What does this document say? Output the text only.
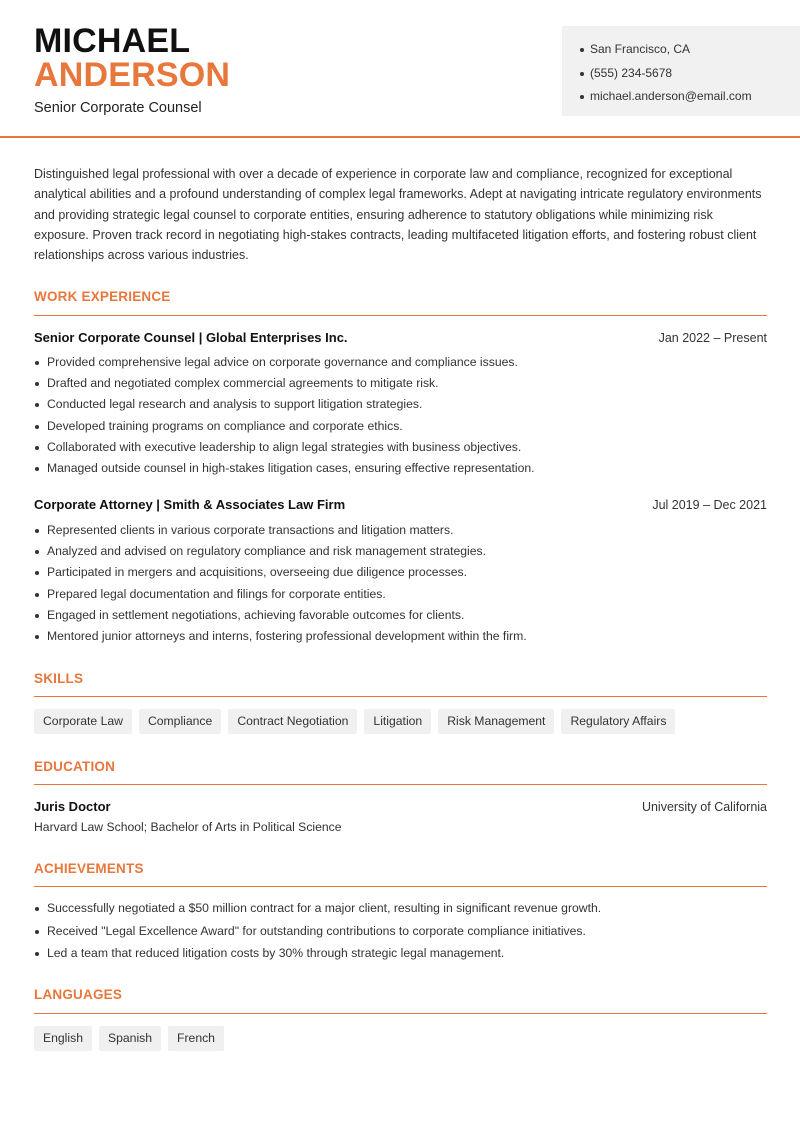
MICHAEL
ANDERSON
Senior Corporate Counsel
San Francisco, CA
(555) 234-5678
michael.anderson@email.com

Distinguished legal professional with over a decade of experience in corporate law and compliance, recognized for exceptional analytical abilities and a profound understanding of complex legal frameworks. Adept at navigating intricate regulatory environments and providing strategic legal counsel to corporate entities, ensuring adherence to statutory obligations while minimizing risk exposure. Proven track record in negotiating high-stakes contracts, leading multifaceted litigation efforts, and fostering robust client relationships across various industries.

WORK EXPERIENCE
Senior Corporate Counsel | Global Enterprises Inc.	Jan 2022 – Present
Provided comprehensive legal advice on corporate governance and compliance issues.
Drafted and negotiated complex commercial agreements to mitigate risk.
Conducted legal research and analysis to support litigation strategies.
Developed training programs on compliance and corporate ethics.
Collaborated with executive leadership to align legal strategies with business objectives.
Managed outside counsel in high-stakes litigation cases, ensuring effective representation.
Corporate Attorney | Smith & Associates Law Firm	Jul 2019 – Dec 2021
Represented clients in various corporate transactions and litigation matters.
Analyzed and advised on regulatory compliance and risk management strategies.
Participated in mergers and acquisitions, overseeing due diligence processes.
Prepared legal documentation and filings for corporate entities.
Engaged in settlement negotiations, achieving favorable outcomes for clients.
Mentored junior attorneys and interns, fostering professional development within the firm.
SKILLS
Corporate Law	Compliance	Contract Negotiation	Litigation	Risk Management	Regulatory Affairs
EDUCATION
Juris Doctor	University of California
Harvard Law School; Bachelor of Arts in Political Science
ACHIEVEMENTS
Successfully negotiated a $50 million contract for a major client, resulting in significant revenue growth.
Received "Legal Excellence Award" for outstanding contributions to corporate compliance initiatives.
Led a team that reduced litigation costs by 30% through strategic legal management.
LANGUAGES
English	Spanish	French
